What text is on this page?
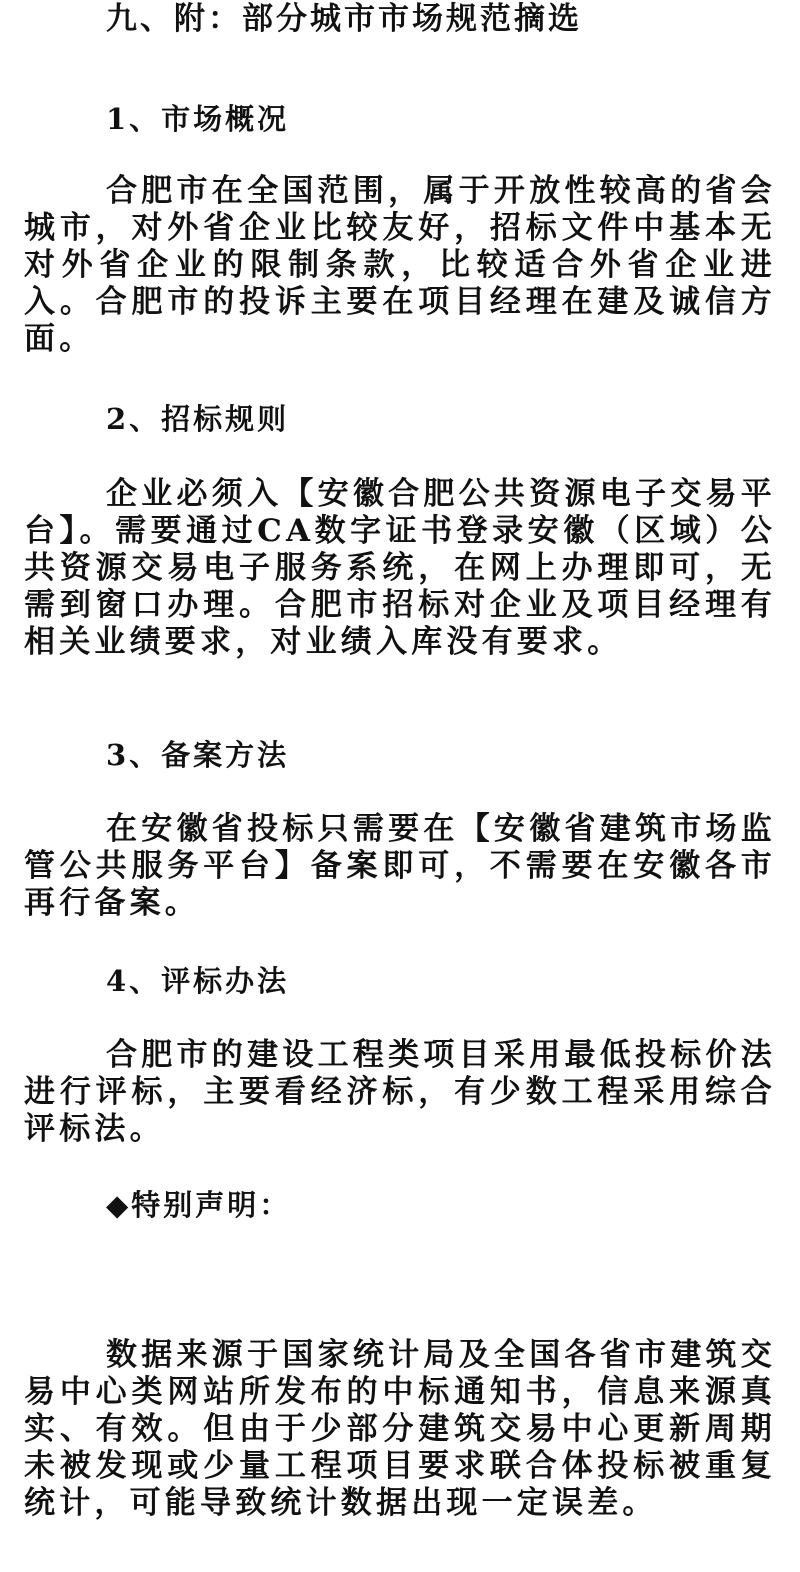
九、附：部分城市市场规范摘选
1、市场概况

合肥市在全国范围，属于开放性较高的省会城市，对外省企业比较友好，招标文件中基本无对外省企业的限制条款，比较适合外省企业进入。合肥市的投诉主要在项目经理在建及诚信方面。

2、招标规则

企业必须入【安徽合肥公共资源电子交易平台】。需要通过CA数字证书登录安徽（区域）公共资源交易电子服务系统，在网上办理即可，无需到窗口办理。合肥市招标对企业及项目经理有相关业绩要求，对业绩入库没有要求。

3、备案方法

在安徽省投标只需要在【安徽省建筑市场监管公共服务平台】备案即可，不需要在安徽各市再行备案。

4、评标办法

合肥市的建设工程类项目采用最低投标价法进行评标，主要看经济标，有少数工程采用综合评标法。

◆特别声明：

数据来源于国家统计局及全国各省市建筑交易中心类网站所发布的中标通知书，信息来源真实、有效。但由于少部分建筑交易中心更新周期未被发现或少量工程项目要求联合体投标被重复统计，可能导致统计数据出现一定误差。
